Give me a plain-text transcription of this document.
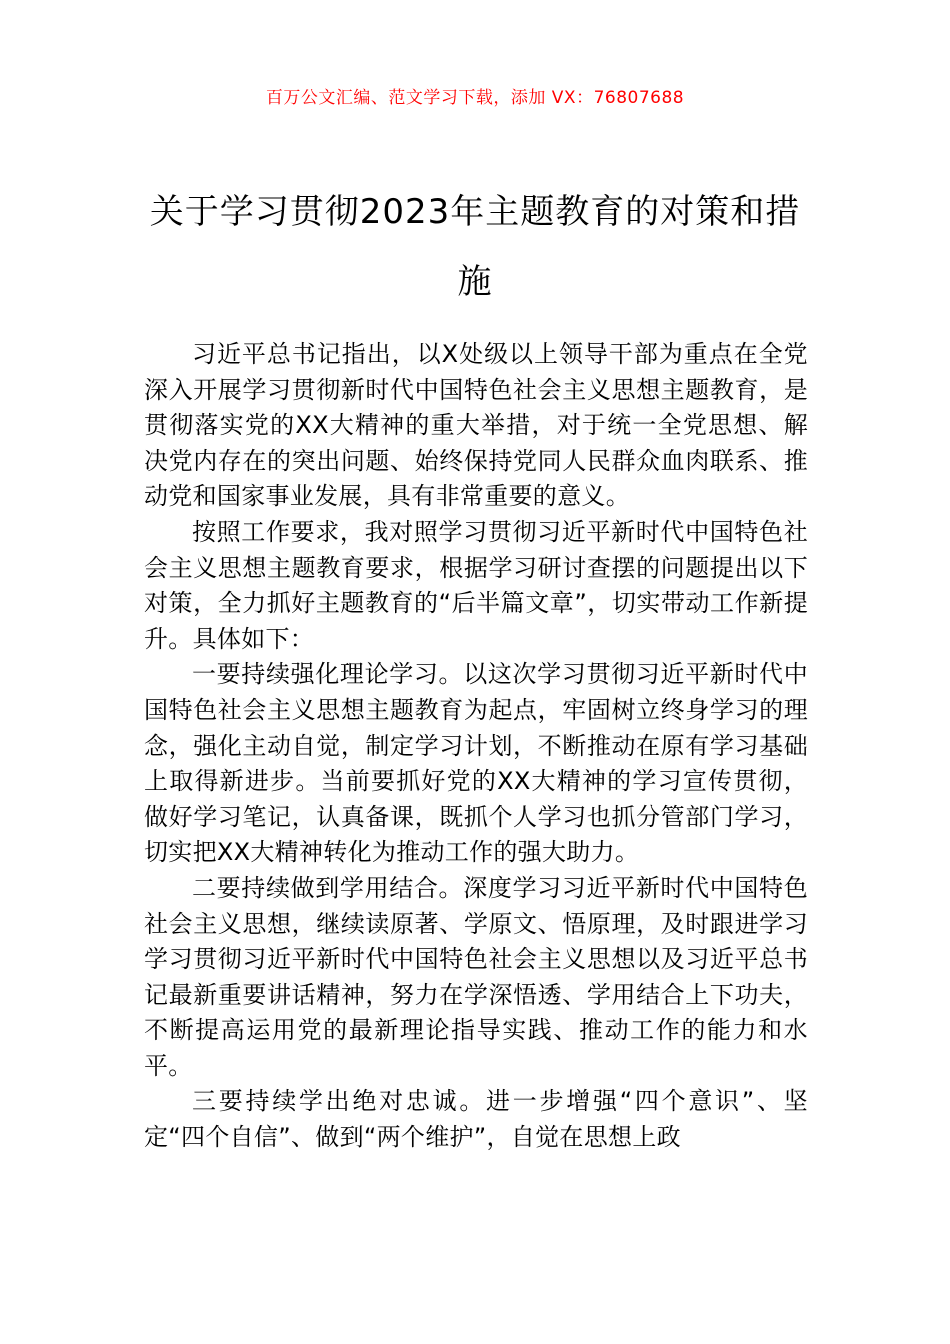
百万公文汇编、范文学习下载，添加 VX：76807688
关于学习贯彻2023年主题教育的对策和措施

习近平总书记指出，以X处级以上领导干部为重点在全党深入开展学习贯彻新时代中国特色社会主义思想主题教育，是贯彻落实党的XX大精神的重大举措，对于统一全党思想、解决党内存在的突出问题、始终保持党同人民群众血肉联系、推动党和国家事业发展，具有非常重要的意义。

按照工作要求，我对照学习贯彻习近平新时代中国特色社会主义思想主题教育要求，根据学习研讨查摆的问题提出以下对策，全力抓好主题教育的“后半篇文章”，切实带动工作新提升。具体如下：

一要持续强化理论学习。以这次学习贯彻习近平新时代中国特色社会主义思想主题教育为起点，牢固树立终身学习的理念，强化主动自觉，制定学习计划，不断推动在原有学习基础上取得新进步。当前要抓好党的XX大精神的学习宣传贯彻，做好学习笔记，认真备课，既抓个人学习也抓分管部门学习，切实把XX大精神转化为推动工作的强大助力。

二要持续做到学用结合。深度学习习近平新时代中国特色社会主义思想，继续读原著、学原文、悟原理，及时跟进学习学习贯彻习近平新时代中国特色社会主义思想以及习近平总书记最新重要讲话精神，努力在学深悟透、学用结合上下功夫，不断提高运用党的最新理论指导实践、推动工作的能力和水平。

三要持续学出绝对忠诚。进一步增强“四个意识”、坚定“四个自信”、做到“两个维护”，自觉在思想上政
